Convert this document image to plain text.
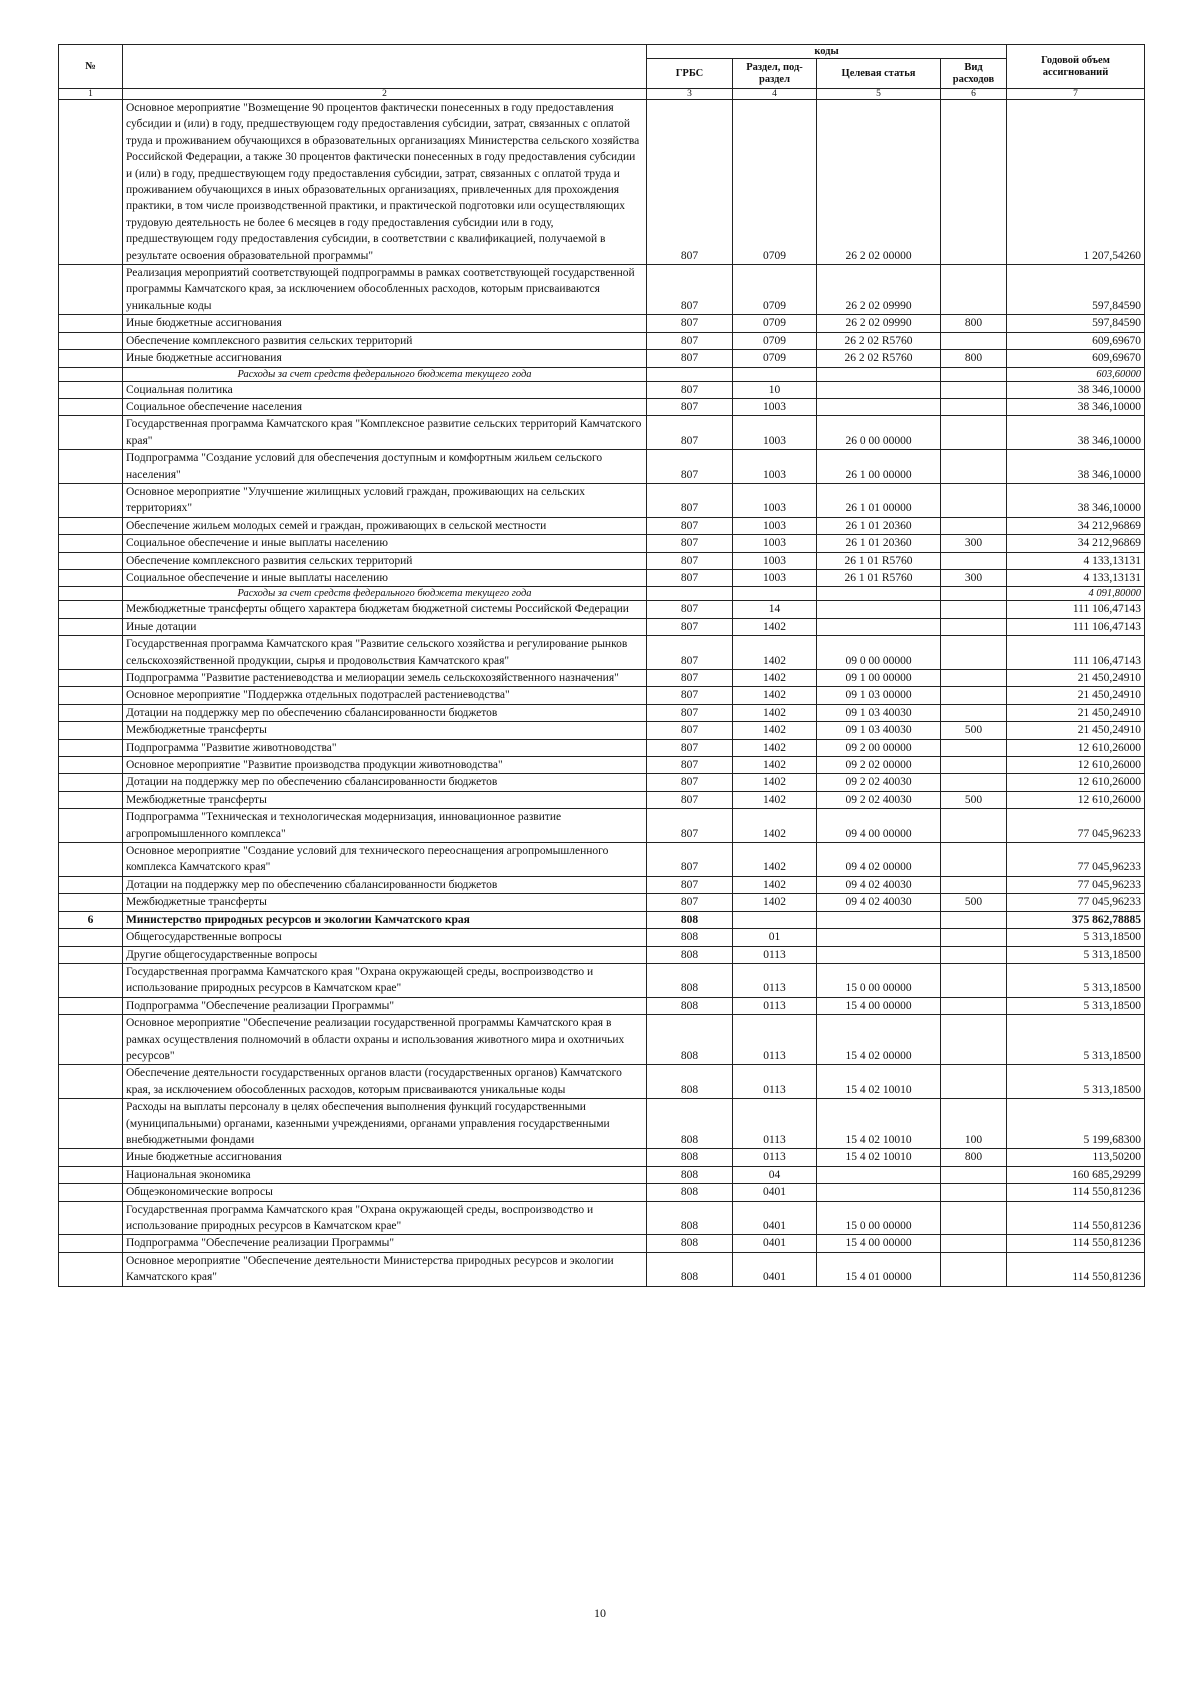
№		коды				Годовой объем ассигнований
		ГРБС	Раздел, под-раздел	Целевая статья	Вид расходов	
1	2	3	4	5	6	7
	Основное мероприятие "Возмещение 90 процентов фактически понесенных в году предоставления субсидии и (или) в году, предшествующем году предоставления субсидии, затрат, связанных с оплатой труда и проживанием обучающихся в образовательных организациях Министерства сельского хозяйства Российской Федерации, а также 30 процентов фактически понесенных в году предоставления субсидии и (или) в году, предшествующем году предоставления субсидии, затрат, связанных с оплатой труда и проживанием обучающихся в иных образовательных организациях, привлеченных для прохождения практики, в том числе производственной практики, и практической подготовки или осуществляющих трудовую деятельность не более 6 месяцев в году предоставления субсидии или в году, предшествующем году предоставления субсидии, в соответствии с квалификацией, получаемой в результате освоения образовательной программы"	807	0709	26 2 02 00000		1 207,54260
	Реализация мероприятий соответствующей подпрограммы в рамках соответствующей государственной программы Камчатского края, за исключением обособленных расходов, которым присваиваются уникальные коды	807	0709	26 2 02 09990		597,84590
	Иные бюджетные ассигнования	807	0709	26 2 02 09990	800	597,84590
	Обеспечение комплексного развития сельских территорий	807	0709	26 2 02 R5760		609,69670
	Иные бюджетные ассигнования	807	0709	26 2 02 R5760	800	609,69670
	Расходы за счет средств федерального бюджета текущего года					603,60000
	Социальная политика	807	10			38 346,10000
	Социальное обеспечение населения	807	1003			38 346,10000
	Государственная программа Камчатского края "Комплексное развитие сельских территорий Камчатского края"	807	1003	26 0 00 00000		38 346,10000
	Подпрограмма "Создание условий для обеспечения доступным и комфортным жильем сельского населения"	807	1003	26 1 00 00000		38 346,10000
	Основное мероприятие "Улучшение жилищных условий граждан, проживающих на сельских территориях"	807	1003	26 1 01 00000		38 346,10000
	Обеспечение жильем молодых семей и граждан, проживающих в сельской местности	807	1003	26 1 01 20360		34 212,96869
	Социальное обеспечение и иные выплаты населению	807	1003	26 1 01 20360	300	34 212,96869
	Обеспечение комплексного развития сельских территорий	807	1003	26 1 01 R5760		4 133,13131
	Социальное обеспечение и иные выплаты населению	807	1003	26 1 01 R5760	300	4 133,13131
	Расходы за счет средств федерального бюджета текущего года					4 091,80000
	Межбюджетные трансферты общего характера бюджетам бюджетной системы Российской Федерации	807	14			111 106,47143
	Иные дотации	807	1402			111 106,47143
	Государственная программа Камчатского края "Развитие сельского хозяйства и регулирование рынков сельскохозяйственной продукции, сырья и продовольствия Камчатского края"	807	1402	09 0 00 00000		111 106,47143
	Подпрограмма "Развитие растениеводства и мелиорации земель сельскохозяйственного назначения"	807	1402	09 1 00 00000		21 450,24910
	Основное мероприятие "Поддержка отдельных подотраслей растениеводства"	807	1402	09 1 03 00000		21 450,24910
	Дотации на поддержку мер по обеспечению сбалансированности бюджетов	807	1402	09 1 03 40030		21 450,24910
	Межбюджетные трансферты	807	1402	09 1 03 40030	500	21 450,24910
	Подпрограмма "Развитие животноводства"	807	1402	09 2 00 00000		12 610,26000
	Основное мероприятие "Развитие производства продукции животноводства"	807	1402	09 2 02 00000		12 610,26000
	Дотации на поддержку мер по обеспечению сбалансированности бюджетов	807	1402	09 2 02 40030		12 610,26000
	Межбюджетные трансферты	807	1402	09 2 02 40030	500	12 610,26000
	Подпрограмма "Техническая и технологическая модернизация, инновационное развитие агропромышленного комплекса"	807	1402	09 4 00 00000		77 045,96233
	Основное мероприятие "Создание условий для технического переоснащения агропромышленного комплекса Камчатского края"	807	1402	09 4 02 00000		77 045,96233
	Дотации на поддержку мер по обеспечению сбалансированности бюджетов	807	1402	09 4 02 40030		77 045,96233
	Межбюджетные трансферты	807	1402	09 4 02 40030	500	77 045,96233
6	Министерство природных ресурсов и экологии Камчатского края	808				375 862,78885
	Общегосударственные вопросы	808	01			5 313,18500
	Другие общегосударственные вопросы	808	0113			5 313,18500
	Государственная программа Камчатского края "Охрана окружающей среды, воспроизводство и использование природных ресурсов в Камчатском крае"	808	0113	15 0 00 00000		5 313,18500
	Подпрограмма "Обеспечение реализации Программы"	808	0113	15 4 00 00000		5 313,18500
	Основное мероприятие "Обеспечение реализации государственной программы Камчатского края в рамках осуществления полномочий в области охраны и использования животного мира и охотничьих ресурсов"	808	0113	15 4 02 00000		5 313,18500
	Обеспечение деятельности государственных органов власти (государственных органов) Камчатского края, за исключением обособленных расходов, которым присваиваются уникальные коды	808	0113	15 4 02 10010		5 313,18500
	Расходы на выплаты персоналу в целях обеспечения выполнения функций государственными (муниципальными) органами, казенными учреждениями, органами управления государственными внебюджетными фондами	808	0113	15 4 02 10010	100	5 199,68300
	Иные бюджетные ассигнования	808	0113	15 4 02 10010	800	113,50200
	Национальная экономика	808	04			160 685,29299
	Общеэкономические вопросы	808	0401			114 550,81236
	Государственная программа Камчатского края "Охрана окружающей среды, воспроизводство и использование природных ресурсов в Камчатском крае"	808	0401	15 0 00 00000		114 550,81236
	Подпрограмма "Обеспечение реализации Программы"	808	0401	15 4 00 00000		114 550,81236
	Основное мероприятие "Обеспечение деятельности Министерства природных ресурсов и экологии Камчатского края"	808	0401	15 4 01 00000		114 550,81236
10
